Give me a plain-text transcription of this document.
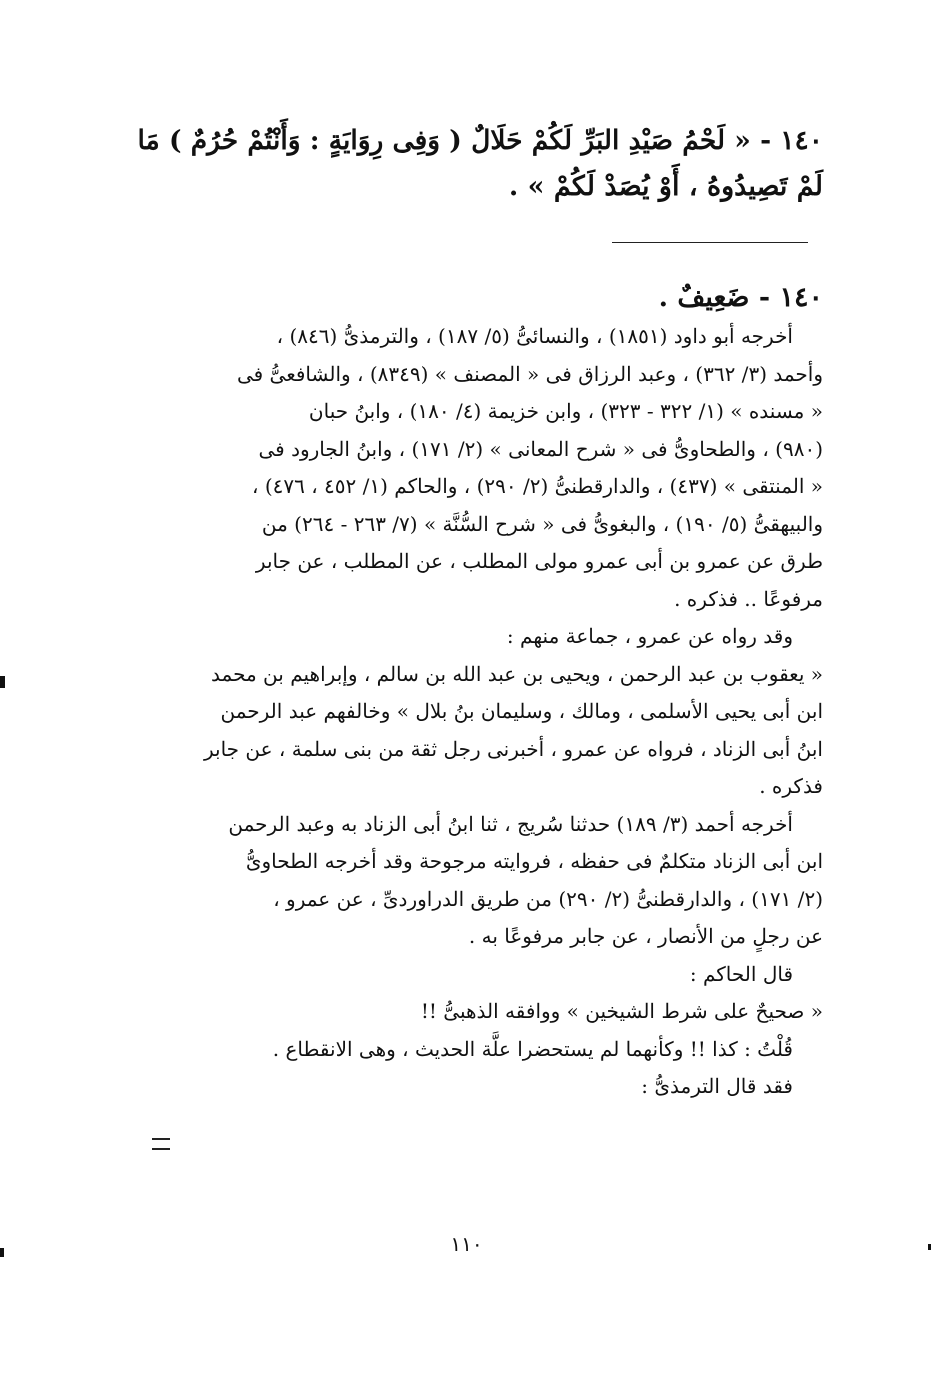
١٤٠ - « لَحْمُ صَيْدِ البَرِّ لَكُمْ حَلَالٌ ( وَفِى رِوَايَةٍ : وَأَنْتُمْ حُرُمٌ ) مَا
لَمْ تَصِيدُوهُ ، أَوْ يُصَدْ لَكُمْ » .
١٤٠ - ضَعِيفٌ .
أخرجه أبو داود (١٨٥١) ، والنسائىُّ (٥/ ١٨٧) ، والترمذىُّ (٨٤٦) ،
وأحمد (٣/ ٣٦٢) ، وعبد الرزاق فى « المصنف » (٨٣٤٩) ، والشافعىُّ فى
« مسنده » (١/ ٣٢٢ - ٣٢٣) ، وابن خزيمة (٤/ ١٨٠) ، وابنُ حبان
(٩٨٠) ، والطحاوىُّ فى « شرح المعانى » (٢/ ١٧١) ، وابنُ الجارود فى
« المنتقى » (٤٣٧) ، والدارقطنىُّ (٢/ ٢٩٠) ، والحاكم (١/ ٤٥٢ ، ٤٧٦) ،
والبيهقىُّ (٥/ ١٩٠) ، والبغوىُّ فى « شرح السُّنَّة » (٧/ ٢٦٣ - ٢٦٤) من
طرق عن عمرو بن أبى عمرو مولى المطلب ، عن المطلب ، عن جابر
مرفوعًا .. فذكره .
وقد رواه عن عمرو ، جماعة منهم :
« يعقوب بن عبد الرحمن ، ويحيى بن عبد الله بن سالم ، وإبراهيم بن محمد
ابن أبى يحيى الأسلمى ، ومالك ، وسليمان بنُ بلال » وخالفهم عبد الرحمن
ابنُ أبى الزناد ، فرواه عن عمرو ، أخبرنى رجل ثقة من بنى سلمة ، عن جابر
فذكره .
أخرجه أحمد (٣/ ١٨٩) حدثنا سُريج ، ثنا ابنُ أبى الزناد به وعبد الرحمن
ابن أبى الزناد متكلمٌ فى حفظه ، فروايته مرجوحة وقد أخرجه الطحاوىُّ
(٢/ ١٧١) ، والدارقطنىُّ (٢/ ٢٩٠) من طريق الدراوردىِّ ، عن عمرو ،
عن رجلٍ من الأنصار ، عن جابر مرفوعًا به .
قال الحاكم :
« صحيحٌ على شرط الشيخين » ووافقه الذهبىُّ !!
قُلْتُ : كذا !! وكأنهما لم يستحضرا علَّة الحديث ، وهى الانقطاع .
فقد قال الترمذىُّ :
١١٠
